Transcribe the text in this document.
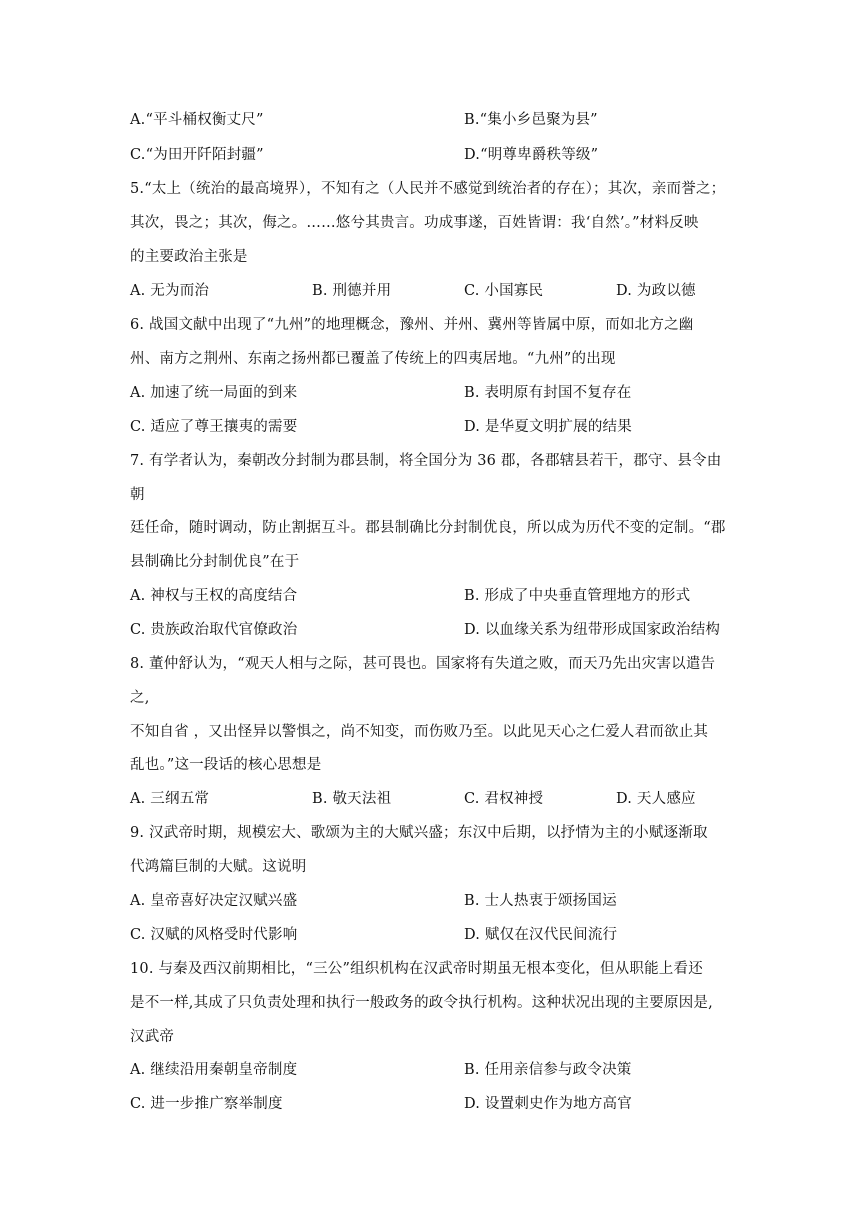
A.“平斗桶权衡丈尺”	B.“集小乡邑聚为县”
C.“为田开阡陌封疆”	D.“明尊卑爵秩等级”
5.“太上（统治的最高境界），不知有之（人民并不感觉到统治者的存在）；其次，亲而誉之；
其次，畏之；其次，侮之。……悠兮其贵言。功成事遂，百姓皆谓：我‘自然’。”材料反映
的主要政治主张是
A. 无为而治	B. 刑德并用	C. 小国寡民	D. 为政以德
6. 战国文献中出现了“九州”的地理概念，豫州、并州、冀州等皆属中原，而如北方之幽
州、南方之荆州、东南之扬州都已覆盖了传统上的四夷居地。“九州”的出现
A. 加速了统一局面的到来	B. 表明原有封国不复存在
C. 适应了尊王攘夷的需要	D. 是华夏文明扩展的结果
7. 有学者认为，秦朝改分封制为郡县制，将全国分为 36 郡，各郡辖县若干，郡守、县令由
朝
廷任命，随时调动，防止割据互斗。郡县制确比分封制优良，所以成为历代不变的定制。“郡
县制确比分封制优良”在于
A. 神权与王权的高度结合	B. 形成了中央垂直管理地方的形式
C. 贵族政治取代官僚政治	D. 以血缘关系为纽带形成国家政治结构
8. 董仲舒认为，“观天人相与之际，甚可畏也。国家将有失道之败，而天乃先出灾害以遣告
之,
不知自省 ，又出怪异以警惧之，尚不知变，而伤败乃至。以此见天心之仁爱人君而欲止其
乱也。”这一段话的核心思想是
A. 三纲五常	B. 敬天法祖	C. 君权神授	D. 天人感应
9. 汉武帝时期，规模宏大、歌颂为主的大赋兴盛；东汉中后期，以抒情为主的小赋逐渐取
代鸿篇巨制的大赋。这说明
A. 皇帝喜好决定汉赋兴盛	B. 士人热衷于颂扬国运
C. 汉赋的风格受时代影响	D. 赋仅在汉代民间流行
10. 与秦及西汉前期相比，“三公”组织机构在汉武帝时期虽无根本变化，但从职能上看还
是不一样,其成了只负责处理和执行一般政务的政令执行机构。这种状况出现的主要原因是,
汉武帝
A. 继续沿用秦朝皇帝制度	B. 任用亲信参与政令决策
C. 进一步推广察举制度	D. 设置刺史作为地方高官
